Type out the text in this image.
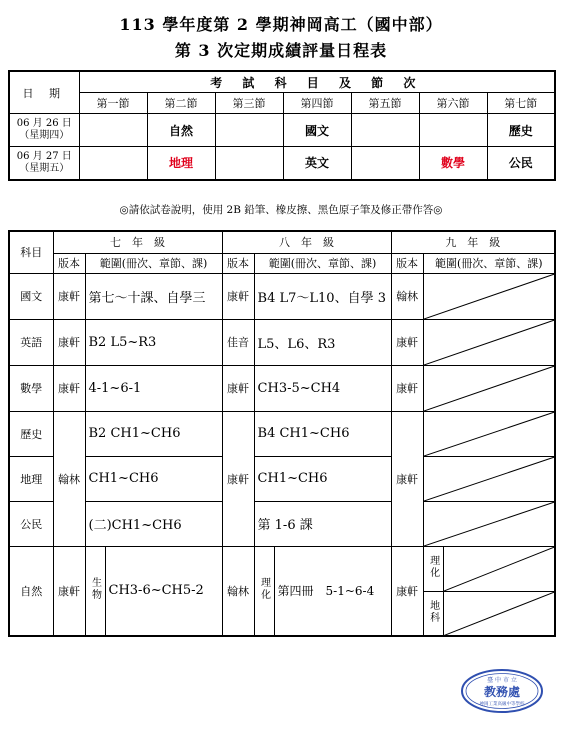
113 學年度第 2 學期神岡高工（國中部）
第 3 次定期成績評量日程表
日 期	考 試 科 目 及 節 次						
	第一節	第二節	第三節	第四節	第五節	第六節	第七節

06 月 26 日
（星期四）		自然		國文			歷史

06 月 27 日
（星期五）		地理		英文		數學	公民
◎請依試卷說明，使用 2B 鉛筆、橡皮擦、黑色原子筆及修正帶作答◎
科目	七　年　級			八　年　級			九　年　級		
	版本	範圍(冊次、章節、課)		版本	範圍(冊次、章節、課)		版本	範圍(冊次、章節、課)	
國文	康軒	第七～十課、自學三		康軒	B4 L7～L10、自學 3		翰林	

英語	康軒	B2 L5~R3		佳音	L5、L6、R3		康軒	

數學	康軒	4-1~6-1		康軒	CH3-5~CH4		康軒	

歷史	翰林	B2 CH1~CH6		康軒	B4 CH1~CH6		康軒	

地理		CH1~CH6			CH1~CH6	

公民		(二)CH1~CH6			第 1-6 課	

自然	康軒	生物	CH3-6~CH5-2	翰林	理化	第四冊　5-1~6-4	康軒	理化	

								地科	
臺 中 市 立
教務處
神岡工業高級中等學校
